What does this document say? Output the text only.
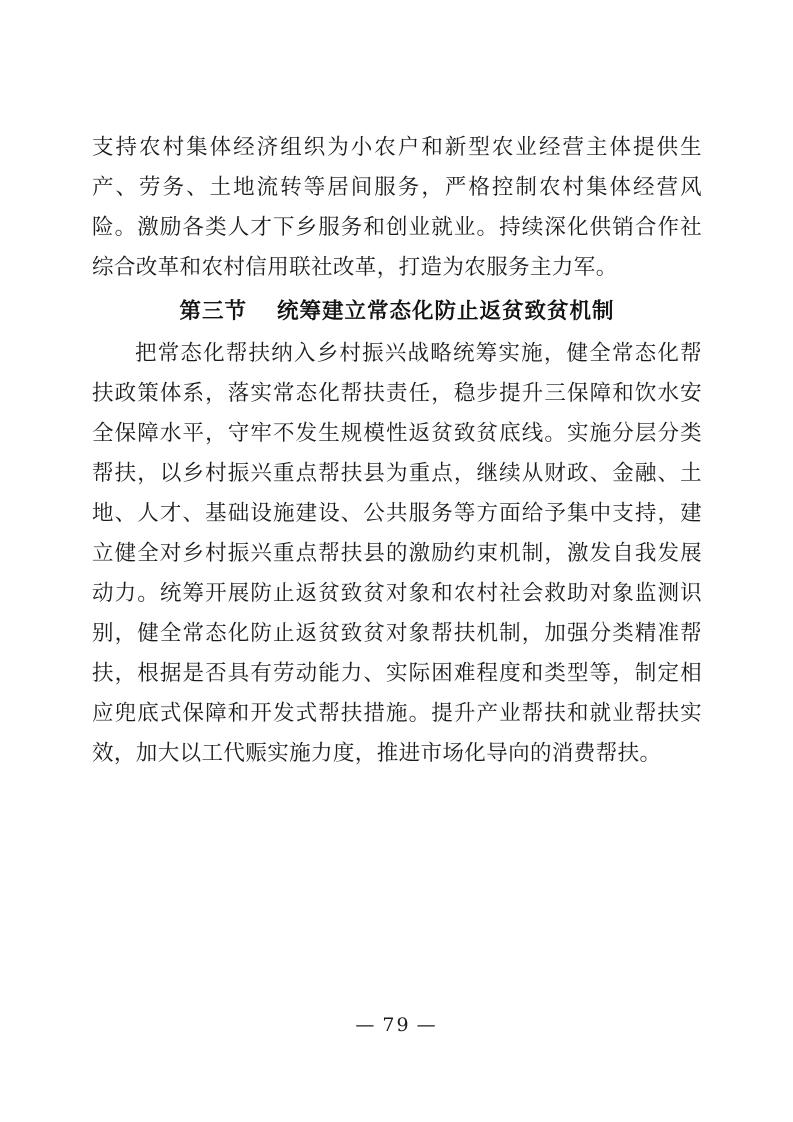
支持农村集体经济组织为小农户和新型农业经营主体提供生产、劳务、土地流转等居间服务，严格控制农村集体经营风险。激励各类人才下乡服务和创业就业。持续深化供销合作社综合改革和农村信用联社改革，打造为农服务主力军。

第三节 统筹建立常态化防止返贫致贫机制

把常态化帮扶纳入乡村振兴战略统筹实施，健全常态化帮扶政策体系，落实常态化帮扶责任，稳步提升三保障和饮水安全保障水平，守牢不发生规模性返贫致贫底线。实施分层分类帮扶，以乡村振兴重点帮扶县为重点，继续从财政、金融、土地、人才、基础设施建设、公共服务等方面给予集中支持，建立健全对乡村振兴重点帮扶县的激励约束机制，激发自我发展动力。统筹开展防止返贫致贫对象和农村社会救助对象监测识别，健全常态化防止返贫致贫对象帮扶机制，加强分类精准帮扶，根据是否具有劳动能力、实际困难程度和类型等，制定相应兜底式保障和开发式帮扶措施。提升产业帮扶和就业帮扶实效，加大以工代赈实施力度，推进市场化导向的消费帮扶。

— 79 —
